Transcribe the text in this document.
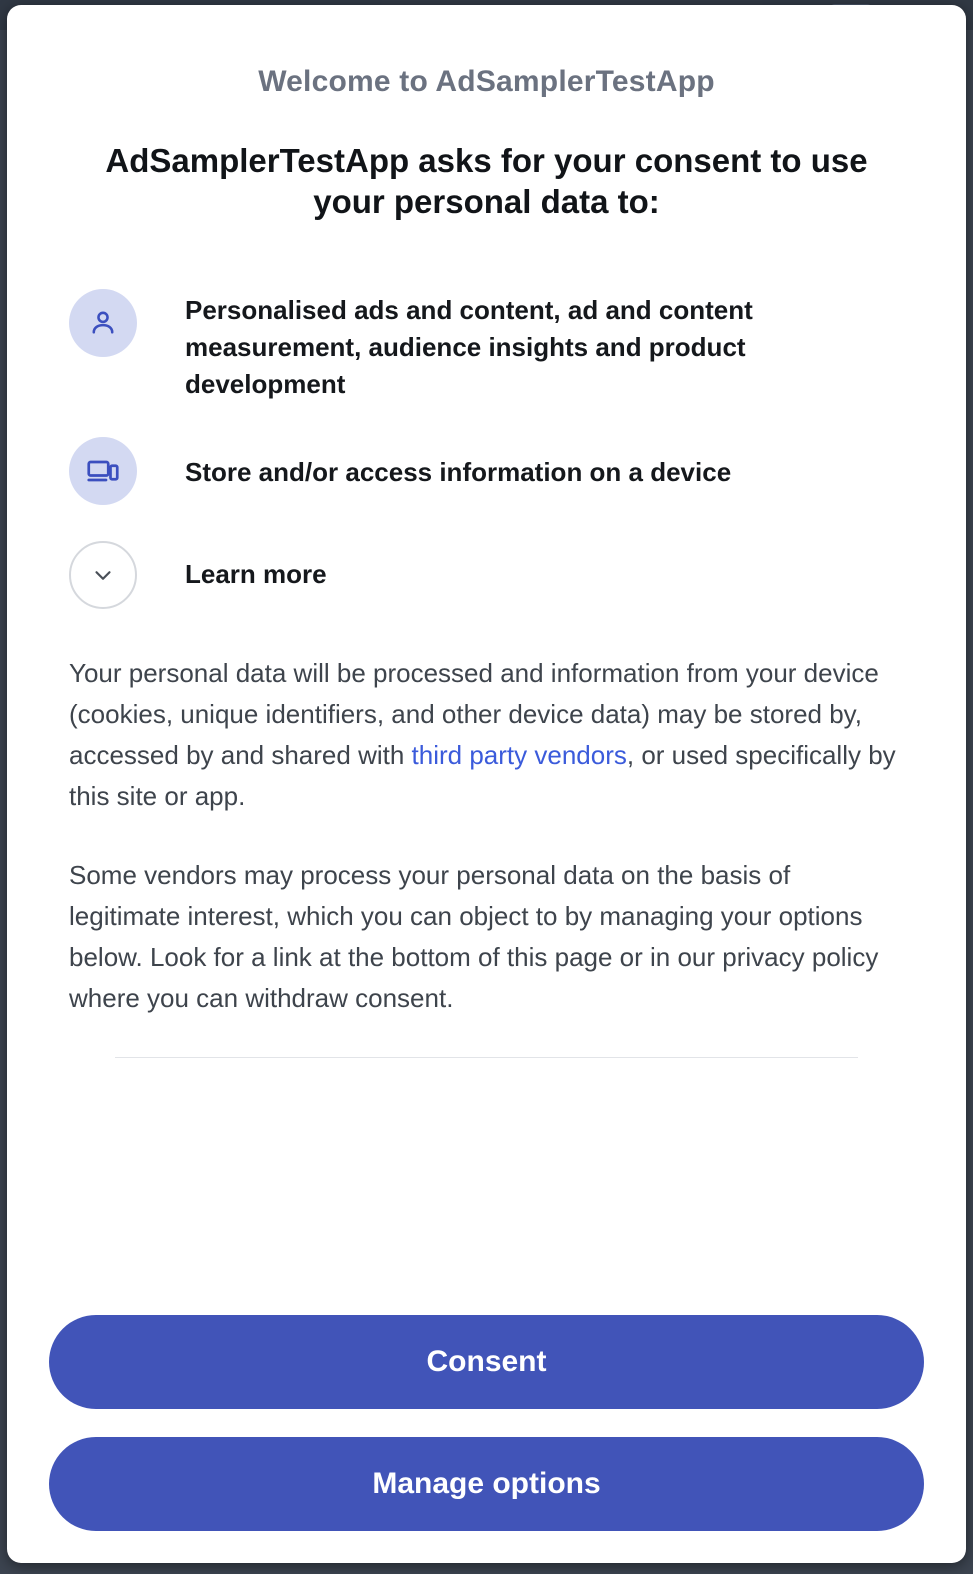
Welcome to AdSamplerTestApp
AdSamplerTestApp asks for your consent to use your personal data to:
Personalised ads and content, ad and content measurement, audience insights and product development
Store and/or access information on a device
Learn more

Your personal data will be processed and information from your device (cookies, unique identifiers, and other device data) may be stored by, accessed by and shared with third party vendors, or used specifically by this site or app.

Some vendors may process your personal data on the basis of legitimate interest, which you can object to by managing your options below. Look for a link at the bottom of this page or in our privacy policy where you can withdraw consent.

Consent
Manage options
